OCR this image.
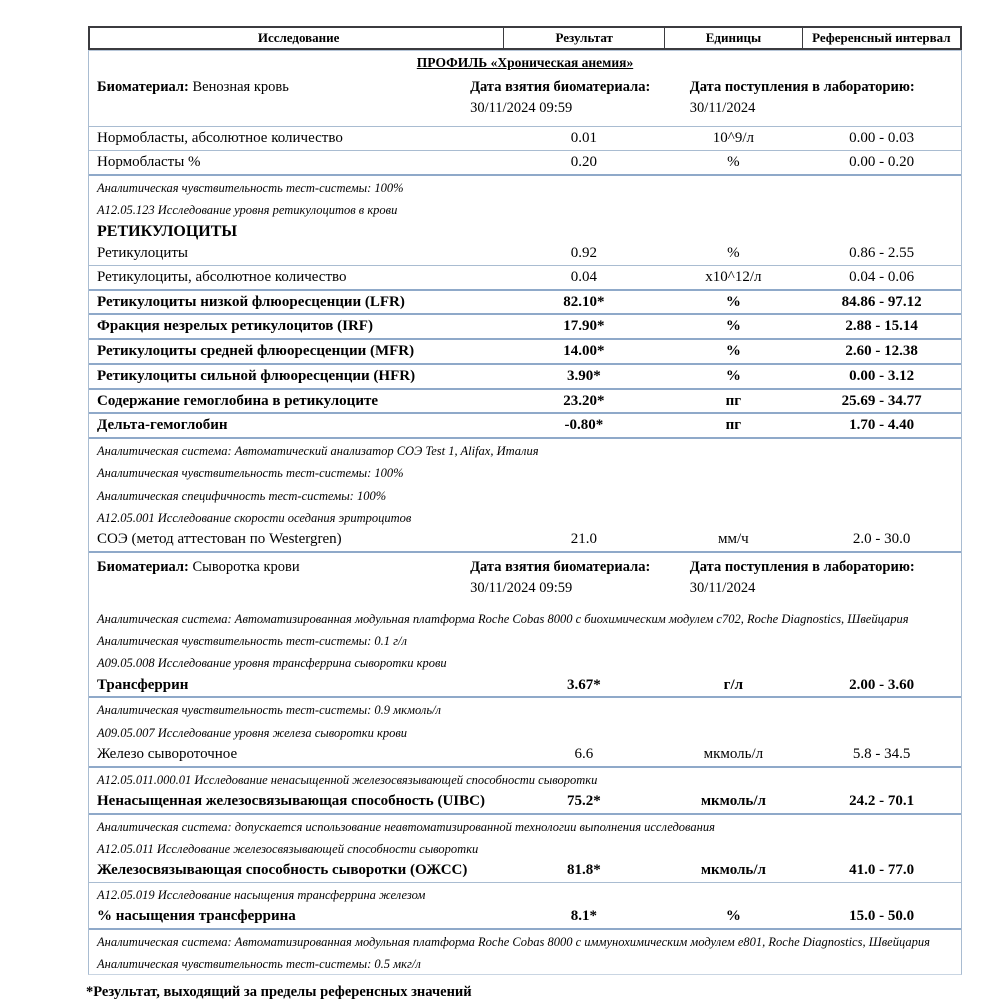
Исследование	Результат	Единицы	Референсный интервал
ПРОФИЛЬ «Хроническая анемия»
Биоматериал: Венозная кровь	Дата взятия биоматериала:
30/11/2024 09:59
Дата поступления в лабораторию:
30/11/2024
Нормобласты, абсолютное количество	0.01	10^9/л	0.00 - 0.03
Нормобласты %	0.20	%	0.00 - 0.20
Аналитическая чувствительность тест-системы: 100%
А12.05.123 Исследование уровня ретикулоцитов в крови
РЕТИКУЛОЦИТЫ
Ретикулоциты	0.92	%	0.86 - 2.55
Ретикулоциты, абсолютное количество	0.04	x10^12/л	0.04 - 0.06
Ретикулоциты низкой флюоресценции (LFR)	82.10*	%	84.86 - 97.12
Фракция незрелых ретикулоцитов (IRF)	17.90*	%	2.88 - 15.14
Ретикулоциты средней флюоресценции (MFR)	14.00*	%	2.60 - 12.38
Ретикулоциты сильной флюоресценции (HFR)	3.90*	%	0.00 - 3.12
Содержание гемоглобина в ретикулоците	23.20*	пг	25.69 - 34.77
Дельта-гемоглобин	-0.80*	пг	1.70 - 4.40
Аналитическая система: Автоматический анализатор СОЭ Test 1, Alifax, Италия
Аналитическая чувствительность тест-системы: 100%
Аналитическая специфичность тест-системы: 100%
А12.05.001 Исследование скорости оседания эритроцитов
СОЭ (метод аттестован по Westergren)	21.0	мм/ч	2.0 - 30.0
Биоматериал: Сыворотка крови	Дата взятия биоматериала:
30/11/2024 09:59
Дата поступления в лабораторию:
30/11/2024
Аналитическая система: Автоматизированная модульная платформа Roche Cobas 8000 с биохимическим модулем c702, Roche Diagnostics, Швейцария
Аналитическая чувствительность тест-системы: 0.1 г/л
А09.05.008 Исследование уровня трансферрина сыворотки крови
Трансферрин	3.67*	г/л	2.00 - 3.60
Аналитическая чувствительность тест-системы: 0.9 мкмоль/л
А09.05.007 Исследование уровня железа сыворотки крови
Железо сывороточное	6.6	мкмоль/л	5.8 - 34.5
А12.05.011.000.01 Исследование ненасыщенной железосвязывающей способности сыворотки
Ненасыщенная железосвязывающая способность (UIBC)	75.2*	мкмоль/л	24.2 - 70.1
Аналитическая система: допускается использование неавтоматизированной технологии выполнения исследования
А12.05.011 Исследование железосвязывающей способности сыворотки
Железосвязывающая способность сыворотки (ОЖСС)	81.8*	мкмоль/л	41.0 - 77.0
А12.05.019 Исследование насыщения трансферрина железом
% насыщения трансферрина	8.1*	%	15.0 - 50.0
Аналитическая система: Автоматизированная модульная платформа Roche Cobas 8000 с иммунохимическим модулем e801, Roche Diagnostics, Швейцария
Аналитическая чувствительность тест-системы: 0.5 мкг/л
*Результат, выходящий за пределы референсных значений
